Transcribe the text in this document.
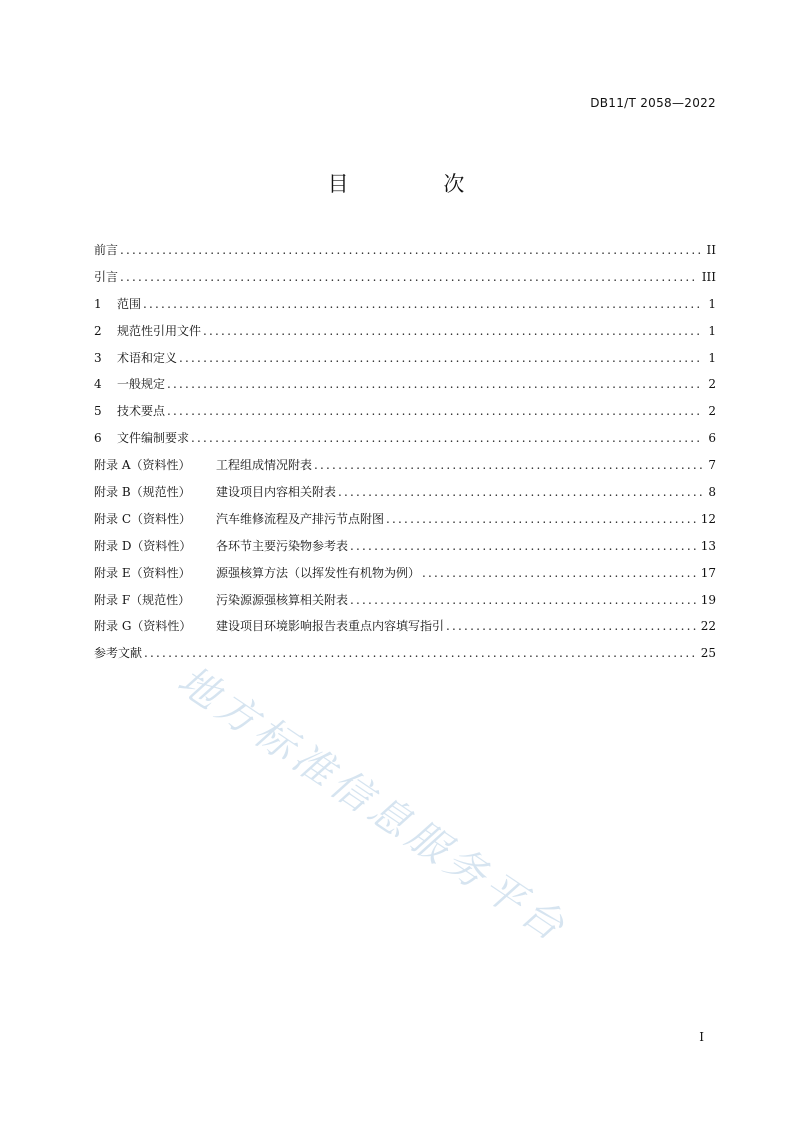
DB11/T 2058—2022
目 次
前言 .....	II
引言 .....	III
1	范围 .....	1
2	规范性引用文件 .....	1
3	术语和定义 .....	1
4	一般规定 .....	2
5	技术要点 .....	2
6	文件编制要求 .....	6
附录 A（资料性）	工程组成情况附表 .....	7
附录 B（规范性）	建设项目内容相关附表 .....	8
附录 C（资料性）	汽车维修流程及产排污节点附图 .....	12
附录 D（资料性）	各环节主要污染物参考表 .....	13
附录 E（资料性）	源强核算方法（以挥发性有机物为例） .....	17
附录 F（规范性）	污染源源强核算相关附表 .....	19
附录 G（资料性）	建设项目环境影响报告表重点内容填写指引 .....	22
参考文献 .....	25
地方标准信息服务平台
I
